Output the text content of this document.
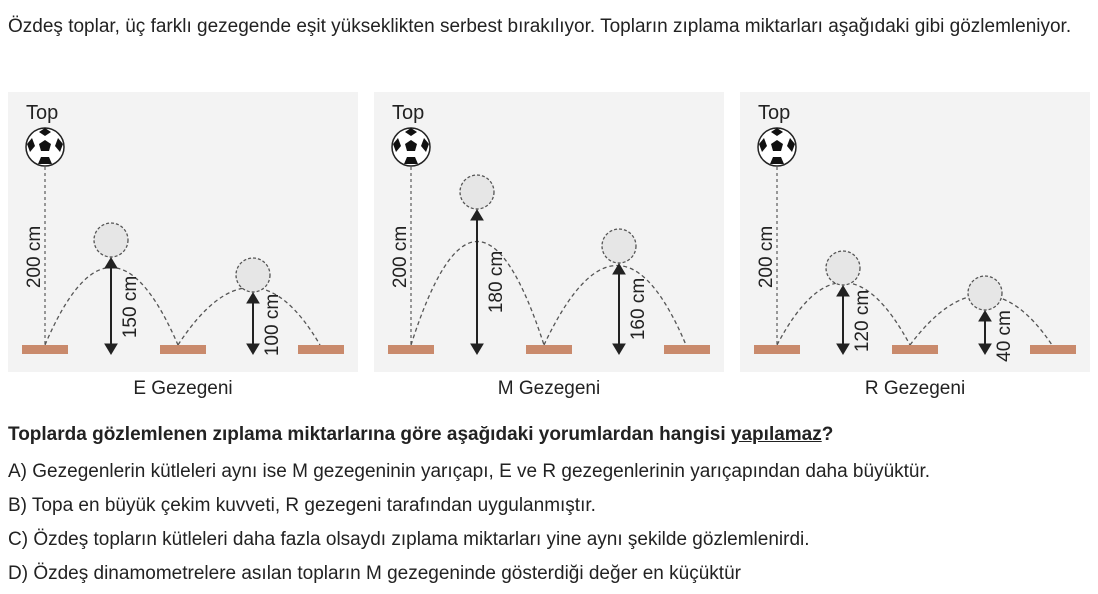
Özdeş toplar, üç farklı gezegende eşit yükseklikten serbest bırakılıyor. Topların zıplama miktarları aşağıdaki gibi gözlemleniyor.
Top
200 cm
150 cm	100 cm
E Gezegeni
Top
200 cm	180 cm	160 cm
M Gezegeni
Top
200 cm
120 cm	40 cm
R Gezegeni
Toplarda gözlemlenen zıplama miktarlarına göre aşağıdaki yorumlardan hangisi yapılamaz?
A) Gezegenlerin kütleleri aynı ise M gezegeninin yarıçapı, E ve R gezegenlerinin yarıçapından daha büyüktür.
B) Topa en büyük çekim kuvveti, R gezegeni tarafından uygulanmıştır.
C) Özdeş topların kütleleri daha fazla olsaydı zıplama miktarları yine aynı şekilde gözlemlenirdi.
D) Özdeş dinamometrelere asılan topların M gezegeninde gösterdiği değer en küçüktür
